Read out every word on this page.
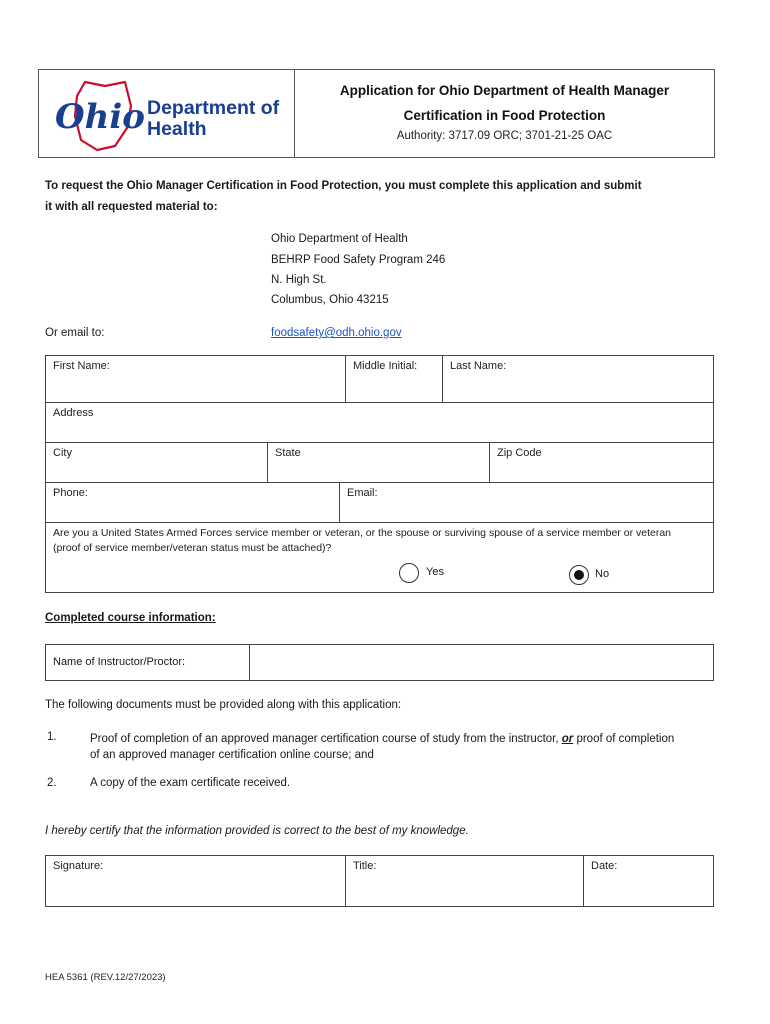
Ohio Department of
Health
Application for Ohio Department of Health Manager
Certification in Food Protection
Authority: 3717.09 ORC; 3701-21-25 OAC
To request the Ohio Manager Certification in Food Protection, you must complete this application and submit
it with all requested material to:
Ohio Department of Health
BEHRP Food Safety Program 246
N. High St.
Columbus, Ohio 43215
Or email to:	foodsafety@odh.ohio.gov
First Name:	Middle Initial:	Last Name:
Address
City	State	Zip Code
Phone:	Email:
Are you a United States Armed Forces service member or veteran, or the spouse or surviving spouse of a service member or veteran
(proof of service member/veteran status must be attached)?
Yes	No
Completed course information:
Name of Instructor/Proctor:
The following documents must be provided along with this application:
1.	Proof of completion of an approved manager certification course of study from the instructor, or proof of completion
of an approved manager certification online course; and
2.	A copy of the exam certificate received.
I hereby certify that the information provided is correct to the best of my knowledge.
Signature:	Title:	Date:
HEA 5361 (REV.12/27/2023)
